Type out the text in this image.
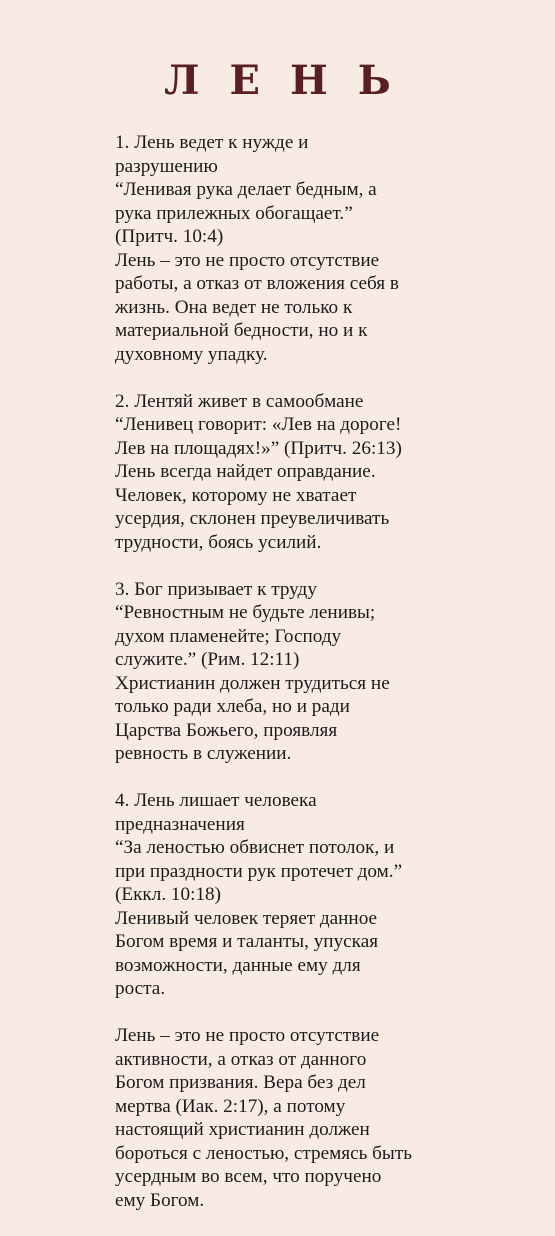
ЛЕНЬ
1. Лень ведет к нужде и
разрушению
“Ленивая рука делает бедным, а
рука прилежных обогащает.”
(Притч. 10:4)
Лень – это не просто отсутствие
работы, а отказ от вложения себя в
жизнь. Она ведет не только к
материальной бедности, но и к
духовному упадку.
2. Лентяй живет в самообмане
“Ленивец говорит: «Лев на дороге!
Лев на площадях!»” (Притч. 26:13)
Лень всегда найдет оправдание.
Человек, которому не хватает
усердия, склонен преувеличивать
трудности, боясь усилий.
3. Бог призывает к труду
“Ревностным не будьте ленивы;
духом пламенейте; Господу
служите.” (Рим. 12:11)
Христианин должен трудиться не
только ради хлеба, но и ради
Царства Божьего, проявляя
ревность в служении.
4. Лень лишает человека
предназначения
“За леностью обвиснет потолок, и
при праздности рук протечет дом.”
(Еккл. 10:18)
Ленивый человек теряет данное
Богом время и таланты, упуская
возможности, данные ему для
роста.
Лень – это не просто отсутствие
активности, а отказ от данного
Богом призвания. Вера без дел
мертва (Иак. 2:17), а потому
настоящий христианин должен
бороться с леностью, стремясь быть
усердным во всем, что поручено
ему Богом.
